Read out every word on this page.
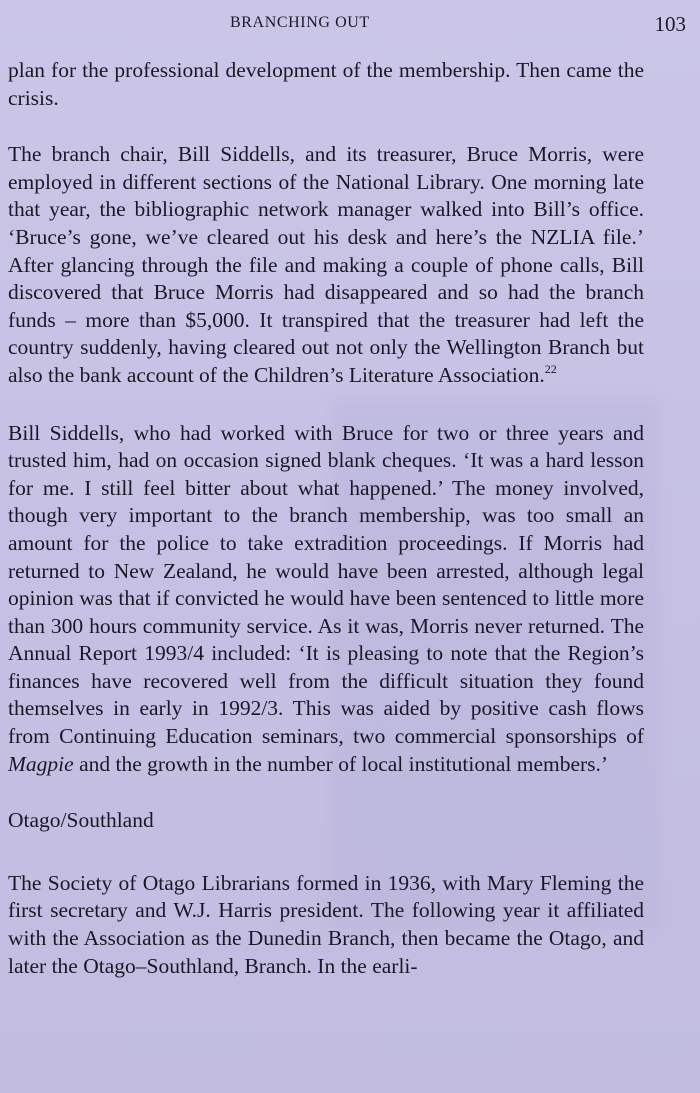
BRANCHING OUT	103

plan for the professional development of the membership. Then came the crisis.

The branch chair, Bill Siddells, and its treasurer, Bruce Morris, were employed in different sections of the National Library. One morning late that year, the bibliographic network manager walked into Bill’s office. ‘Bruce’s gone, we’ve cleared out his desk and here’s the NZLIA file.’ After glancing through the file and making a couple of phone calls, Bill discovered that Bruce Morris had disappeared and so had the branch funds – more than $5,000. It transpired that the treasurer had left the country suddenly, having cleared out not only the Wellington Branch but also the bank account of the Children’s Literature Association.$^{22}$

Bill Siddells, who had worked with Bruce for two or three years and trusted him, had on occasion signed blank cheques. ‘It was a hard lesson for me. I still feel bitter about what happened.’ The money involved, though very important to the branch membership, was too small an amount for the police to take extradition proceedings. If Morris had returned to New Zealand, he would have been arrested, although legal opinion was that if convicted he would have been sentenced to little more than 300 hours community service. As it was, Morris never returned. The Annual Report 1993/4 included: ‘It is pleasing to note that the Region’s finances have recovered well from the difficult situation they found themselves in early in 1992/3. This was aided by positive cash flows from Continuing Education seminars, two commercial sponsorships of Magpie and the growth in the number of local institutional members.’

Otago/Southland

The Society of Otago Librarians formed in 1936, with Mary Fleming the first secretary and W.J. Harris president. The following year it affiliated with the Association as the Dunedin Branch, then became the Otago, and later the Otago–Southland, Branch. In the earli-
